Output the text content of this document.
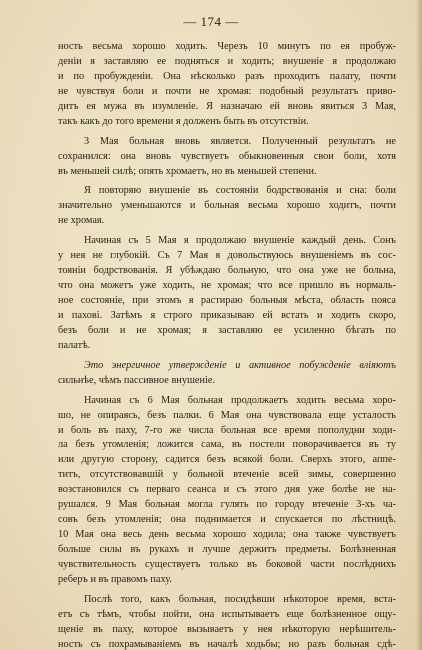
— 174 —
ность весьма хорошо ходить. Черезъ 10 минутъ по ея пробуж-
деніи я заставляю ее подняться и ходить; внушеніе я продолжаю
и по пробужденіи. Она нѣсколько разъ проходитъ палату, почти
не чувствуя боли и почти не хромая: подобный результатъ приво-
дитъ ея мужа въ изумленіе. Я назначаю ей вновь явиться 3 Мая,
такъ какъ до того времени я долженъ быть въ отсутствіи.
3 Мая больная вновь является. Полученный результатъ не
сохранился: она вновь чувствуетъ обыкновенныя свои боли, хотя
въ меньшей силѣ; опять хромаетъ, но въ меньшей степени.
Я повторяю внушеніе въ состояніи бодрствованія и сна: боли
значительно уменьшаются и больная весьма хорошо ходитъ, почти
не хромая.
Начиная съ 5 Мая я продолжаю внушеніе каждый день. Сонъ
у нея не глубокій. Съ 7 Мая я довольствуюсь внушеніемъ въ сос-
тояніи бодрствованія. Я убѣждаю больную, что она уже не больна,
что она можетъ уже ходить, не хромая; что все пришло въ нормаль-
ное состояніе, при этомъ я растираю больныя мѣста, область пояса
и пахові. Затѣмъ я строго приказываю ей встать и ходить скоро,
безъ боли и не хромая; я заставляю ее усиленно бѣгать по
палатѣ.
Это энергичное утвержденіе и активное побужденіе вліяютъ
сильнѣе, чѣмъ пассивное внушеніе.
Начиная съ 6 Мая больная продолжаетъ ходить весьма хоро-
шо, не опираясь, безъ палки. 6 Мая она чувствовала еще усталость
и боль въ паху, 7-го же числа больная все время пополудни ходи-
ла безъ утомленія; ложится сама, въ постели поворачивается въ ту
или другую сторону, садится безъ всякой боли. Сверхъ этого, аппе-
титъ, отсутствовавшій у больной втеченіе всей зимы, совершенно
возстановился съ перваго сеанса и съ этого дня уже болѣе не на-
рушался. 9 Мая больная могла гулять по городу втеченіе 3-хъ ча-
совъ безъ утомленія; она поднимается и спускается по лѣстницѣ.
10 Мая она весь день весьма хорошо ходила; она также чувствуетъ
больше силы въ рукахъ и лучше держитъ предметы. Болѣзненная
чувствительность существуетъ только въ боковой части послѣднихъ
реберъ и въ правомъ паху.
Послѣ того, какъ больная, посидѣвши нѣкоторое время, вста-
етъ съ тѣмъ, чтобы пойти, она испытываетъ еще болѣзненное ощу-
щеніе въ паху, которое вызываетъ у нея нѣкоторую нерѣшитель-
ность съ похрамываніемъ въ началѣ ходьбы; но разъ больная сдѣ-
